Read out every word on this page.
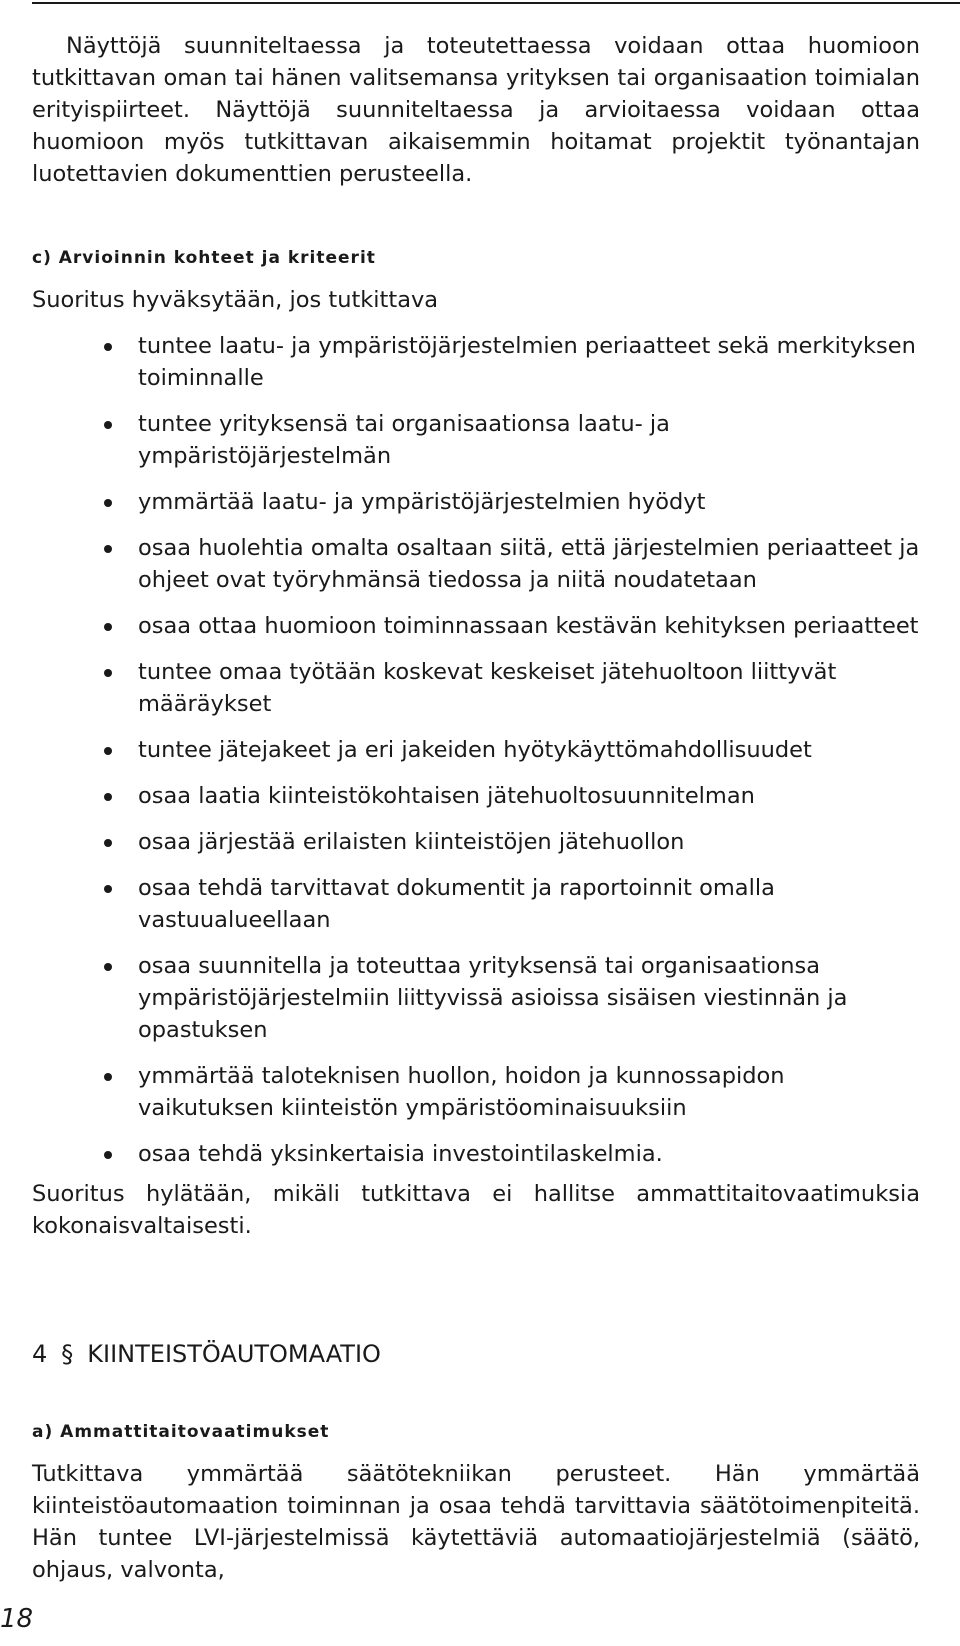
Näyttöjä suunniteltaessa ja toteutettaessa voidaan ottaa huomioon tutkittavan oman tai hänen valitsemansa yrityksen tai organisaation toimialan erityispiirteet. Näyttöjä suunniteltaessa ja arvioitaessa voidaan ottaa huomioon myös tutkittavan aikaisemmin hoitamat projektit työnantajan luotettavien dokumenttien perusteella.

c) Arvioinnin kohteet ja kriteerit

Suoritus hyväksytään, jos tutkittava

tuntee laatu- ja ympäristöjärjestelmien periaatteet sekä merkityksen toiminnalle
tuntee yrityksensä tai organisaationsa laatu- ja ympäristöjärjestelmän
ymmärtää laatu- ja ympäristöjärjestelmien hyödyt
osaa huolehtia omalta osaltaan siitä, että järjestelmien periaatteet ja ohjeet ovat työryhmänsä tiedossa ja niitä noudatetaan
osaa ottaa huomioon toiminnassaan kestävän kehityksen periaatteet
tuntee omaa työtään koskevat keskeiset jätehuoltoon liittyvät määräykset
tuntee jätejakeet ja eri jakeiden hyötykäyttömahdollisuudet
osaa laatia kiinteistökohtaisen jätehuoltosuunnitelman
osaa järjestää erilaisten kiinteistöjen jätehuollon
osaa tehdä tarvittavat dokumentit ja raportoinnit omalla vastuualueellaan
osaa suunnitella ja toteuttaa yrityksensä tai organisaationsa ympäristöjärjestelmiin liittyvissä asioissa sisäisen viestinnän ja opastuksen
ymmärtää taloteknisen huollon, hoidon ja kunnossapidon vaikutuksen kiinteistön ympäristöominaisuuksiin
osaa tehdä yksinkertaisia investointilaskelmia.

Suoritus hylätään, mikäli tutkittava ei hallitse ammattitaitovaatimuksia kokonaisvaltaisesti.

4 § KIINTEISTÖAUTOMAATIO
a) Ammattitaitovaatimukset

Tutkittava ymmärtää säätötekniikan perusteet. Hän ymmärtää kiinteistöautomaation toiminnan ja osaa tehdä tarvittavia säätötoimenpiteitä. Hän tuntee LVI-järjestelmissä käytettäviä automaatiojärjestelmiä (säätö, ohjaus, valvonta,

18
